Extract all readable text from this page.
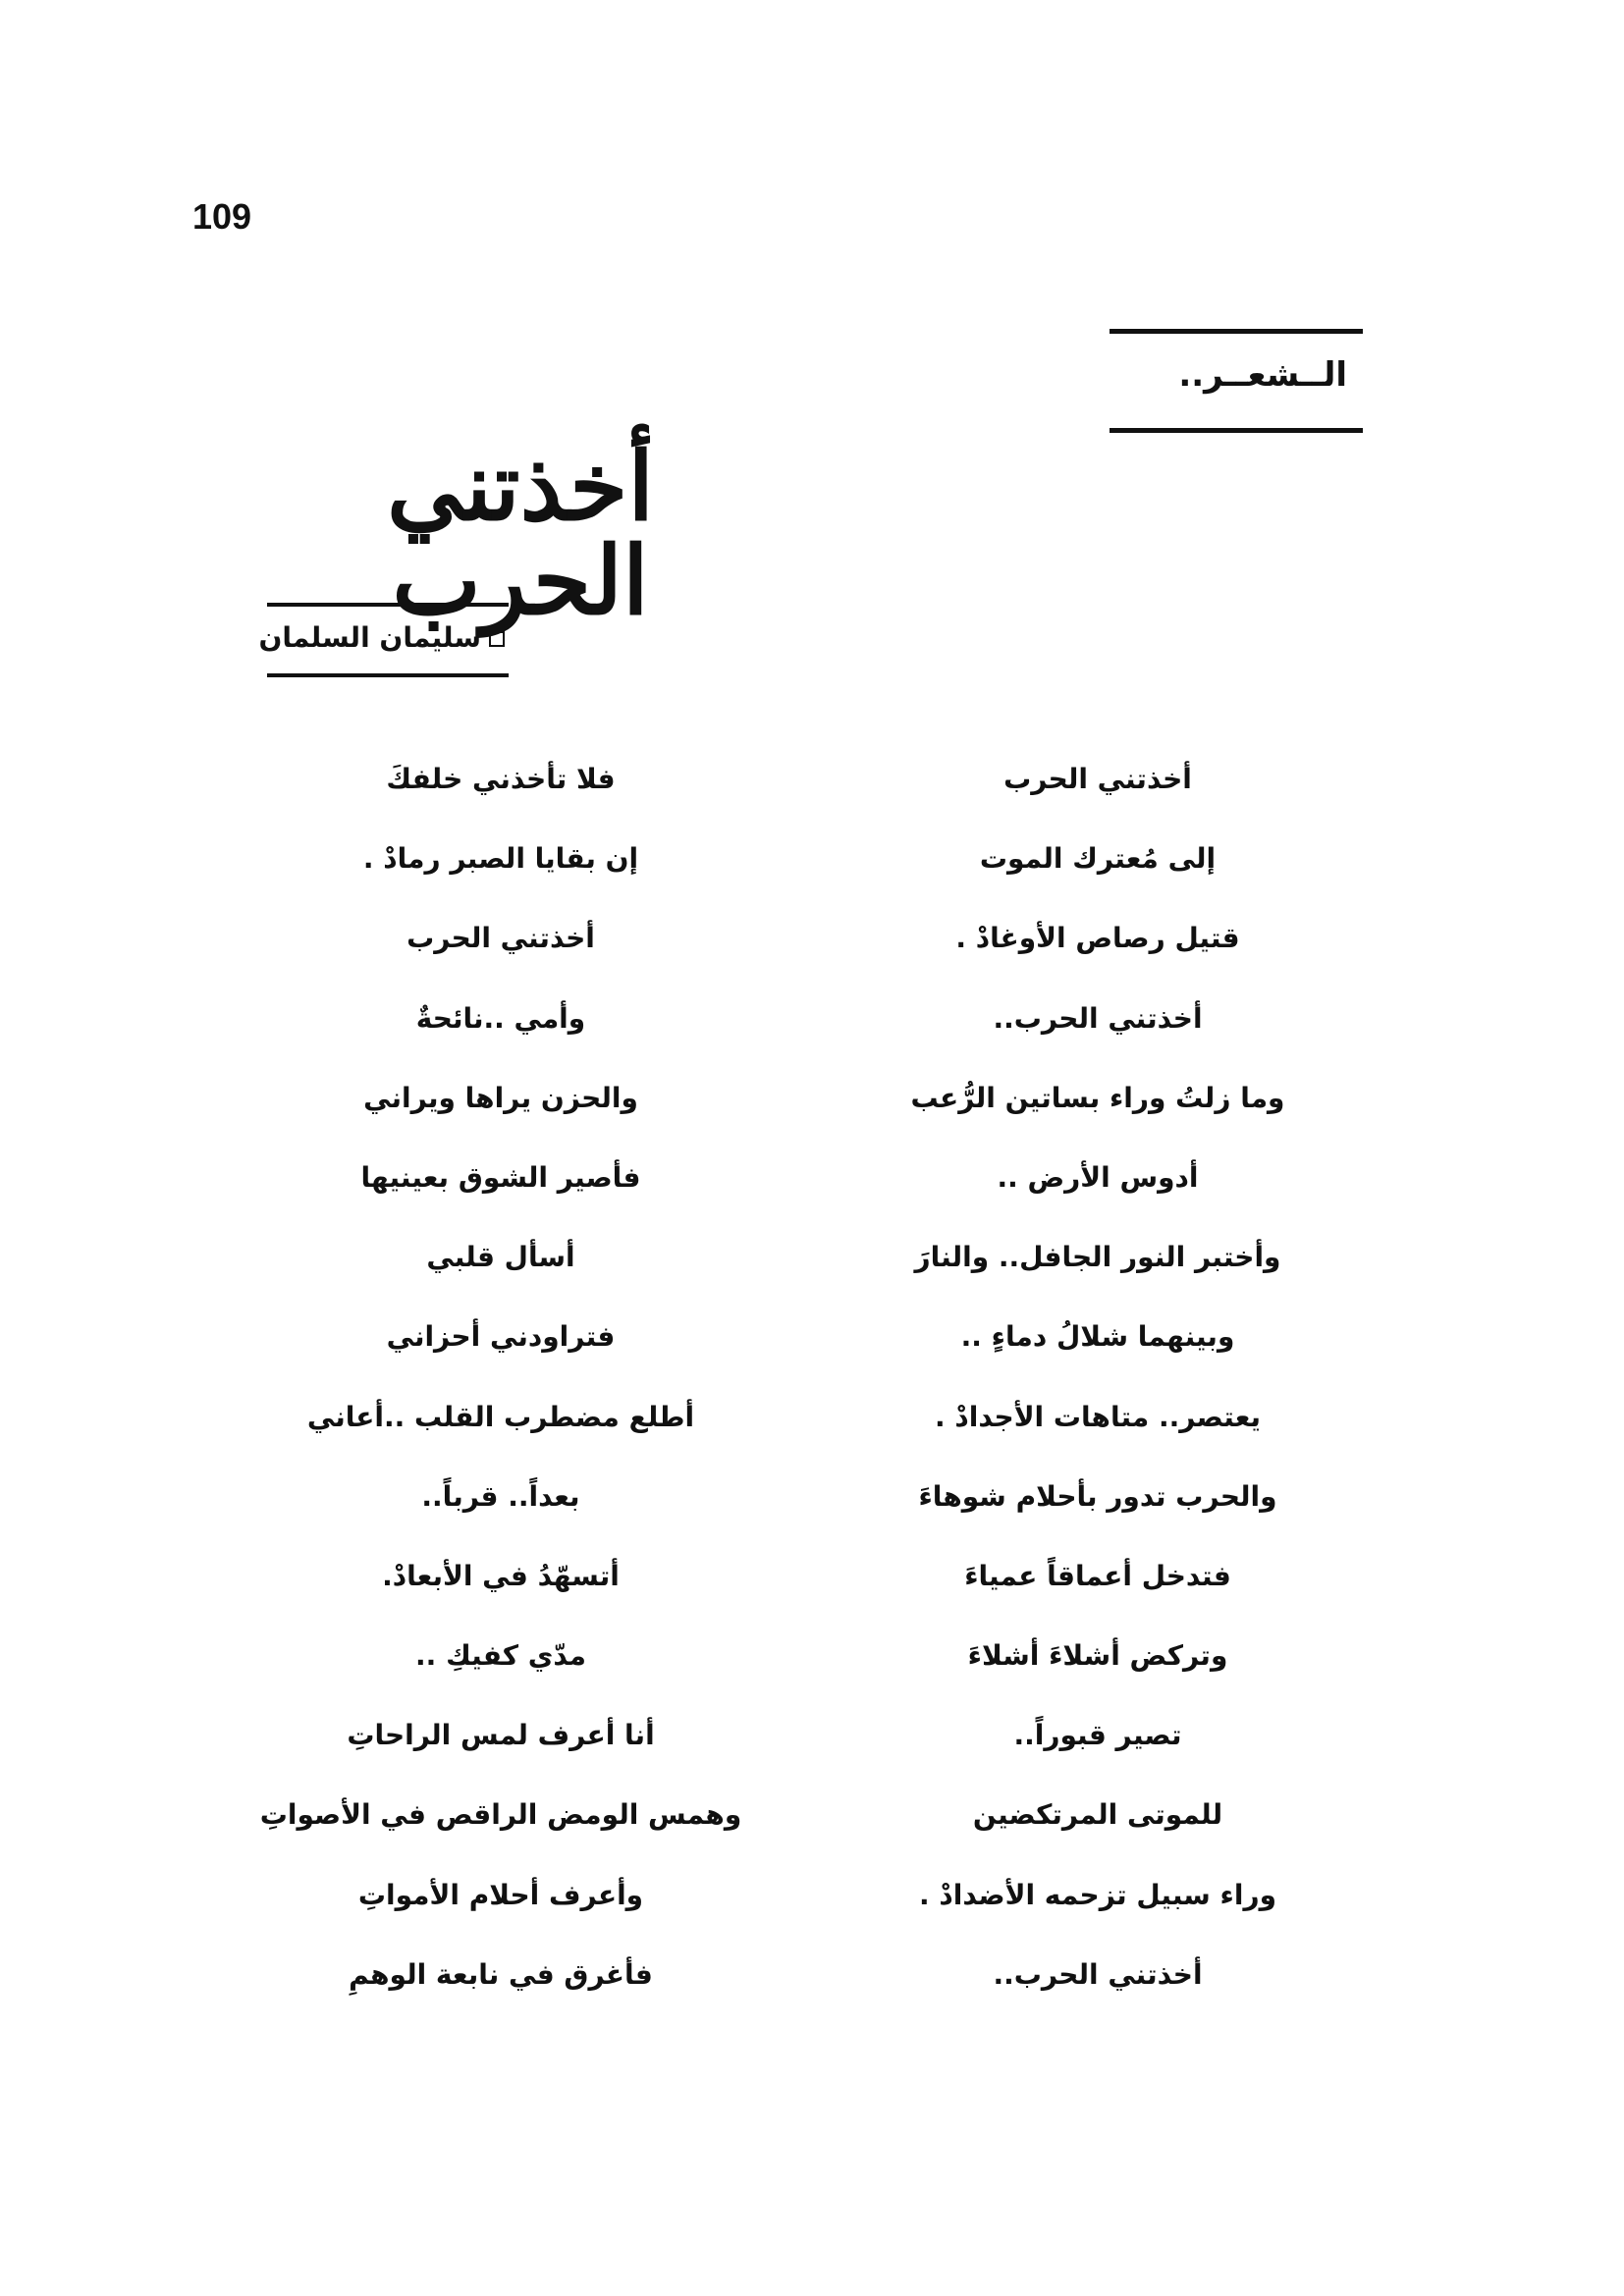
109
الــشعــر..
أخذتني الحرب
سليمان السلمان
أخذتني الحرب
إلى مُعترك الموت
قتيل رصاص الأوغادْ .
أخذتني الحرب..
وما زلتُ وراء بساتين الرُّعب
أدوس الأرض ..
وأختبر النور الجافل.. والنارَ
وبينهما شلالُ دماءٍ ..
يعتصر.. متاهات الأجدادْ .
والحرب تدور بأحلام شوهاءَ
فتدخل أعماقاً عمياءَ
وتركض أشلاءَ أشلاءَ
تصير قبوراً..
للموتى المرتكضين
وراء سبيل تزحمه الأضدادْ .
أخذتني الحرب..
فلا تأخذني خلفكَ
إن بقايا الصبر رمادْ .
أخذتني الحرب
وأمي ..نائحةٌ
والحزن يراها ويراني
فأصير الشوق بعينيها
أسأل قلبي
فتراودني أحزاني
أطلع مضطرب القلب ..أعاني
بعداً.. قرباً..
أتسهّدُ في الأبعادْ.
مدّي كفيكِ ..
أنا أعرف لمس الراحاتِ
وهمس الومض الراقص في الأصواتِ
وأعرف أحلام الأمواتِ
فأغرق في نابعة الوهمِ
